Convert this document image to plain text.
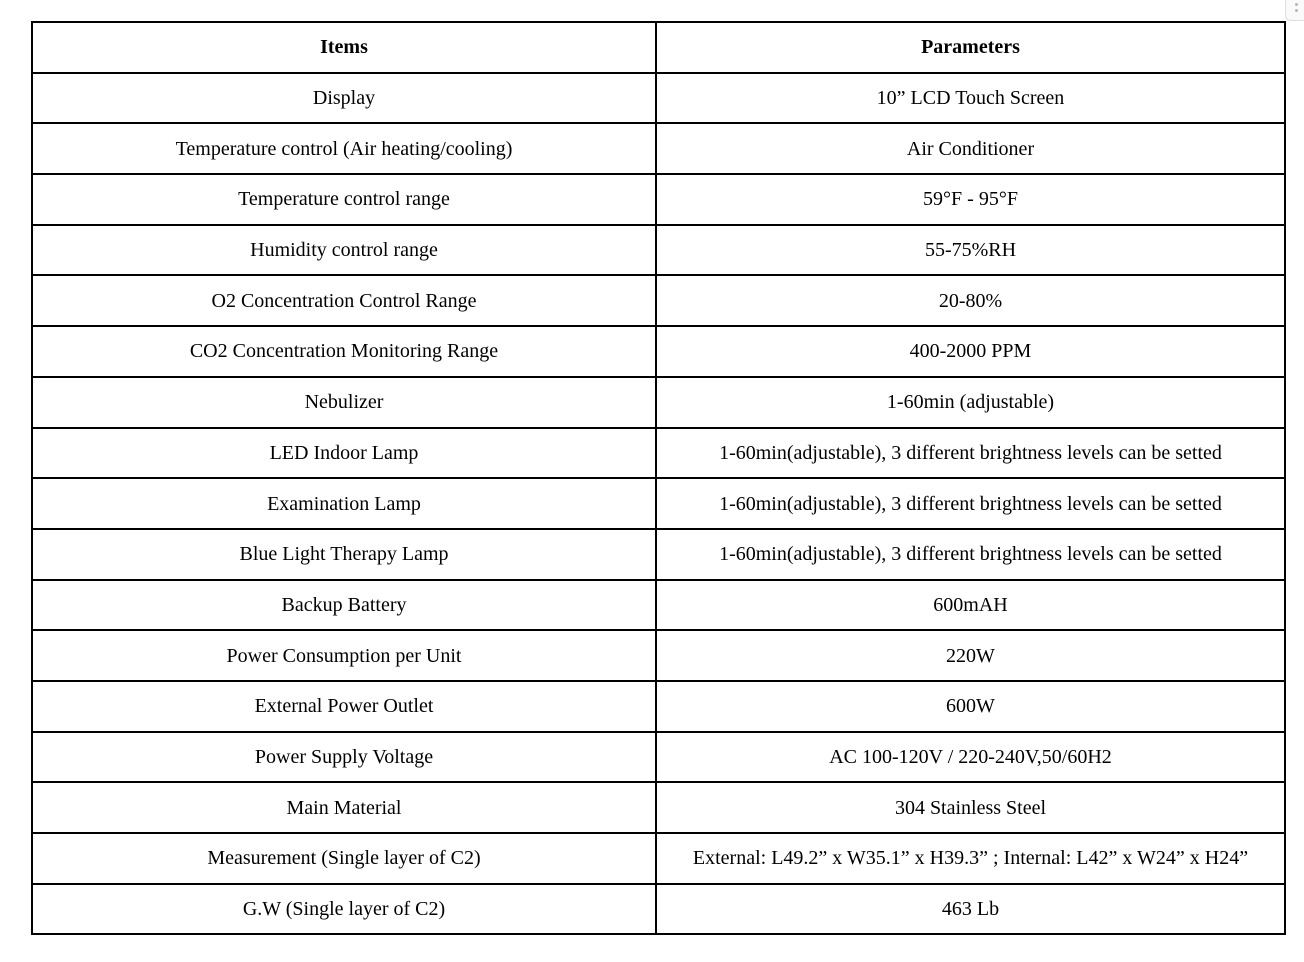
Items	Parameters
Display	10” LCD Touch Screen
Temperature control (Air heating/cooling)	Air Conditioner
Temperature control range	59°F - 95°F
Humidity control range	55-75%RH
O2 Concentration Control Range	20-80%
CO2 Concentration Monitoring Range	400-2000 PPM
Nebulizer	1-60min (adjustable)
LED Indoor Lamp	1-60min(adjustable), 3 different brightness levels can be setted
Examination Lamp	1-60min(adjustable), 3 different brightness levels can be setted
Blue Light Therapy Lamp	1-60min(adjustable), 3 different brightness levels can be setted
Backup Battery	600mAH
Power Consumption per Unit	220W
External Power Outlet	600W
Power Supply Voltage	AC 100-120V / 220-240V,50/60H2
Main Material	304 Stainless Steel
Measurement (Single layer of C2)	External: L49.2” x W35.1” x H39.3” ; Internal: L42” x W24” x H24”
G.W (Single layer of C2)	463 Lb
